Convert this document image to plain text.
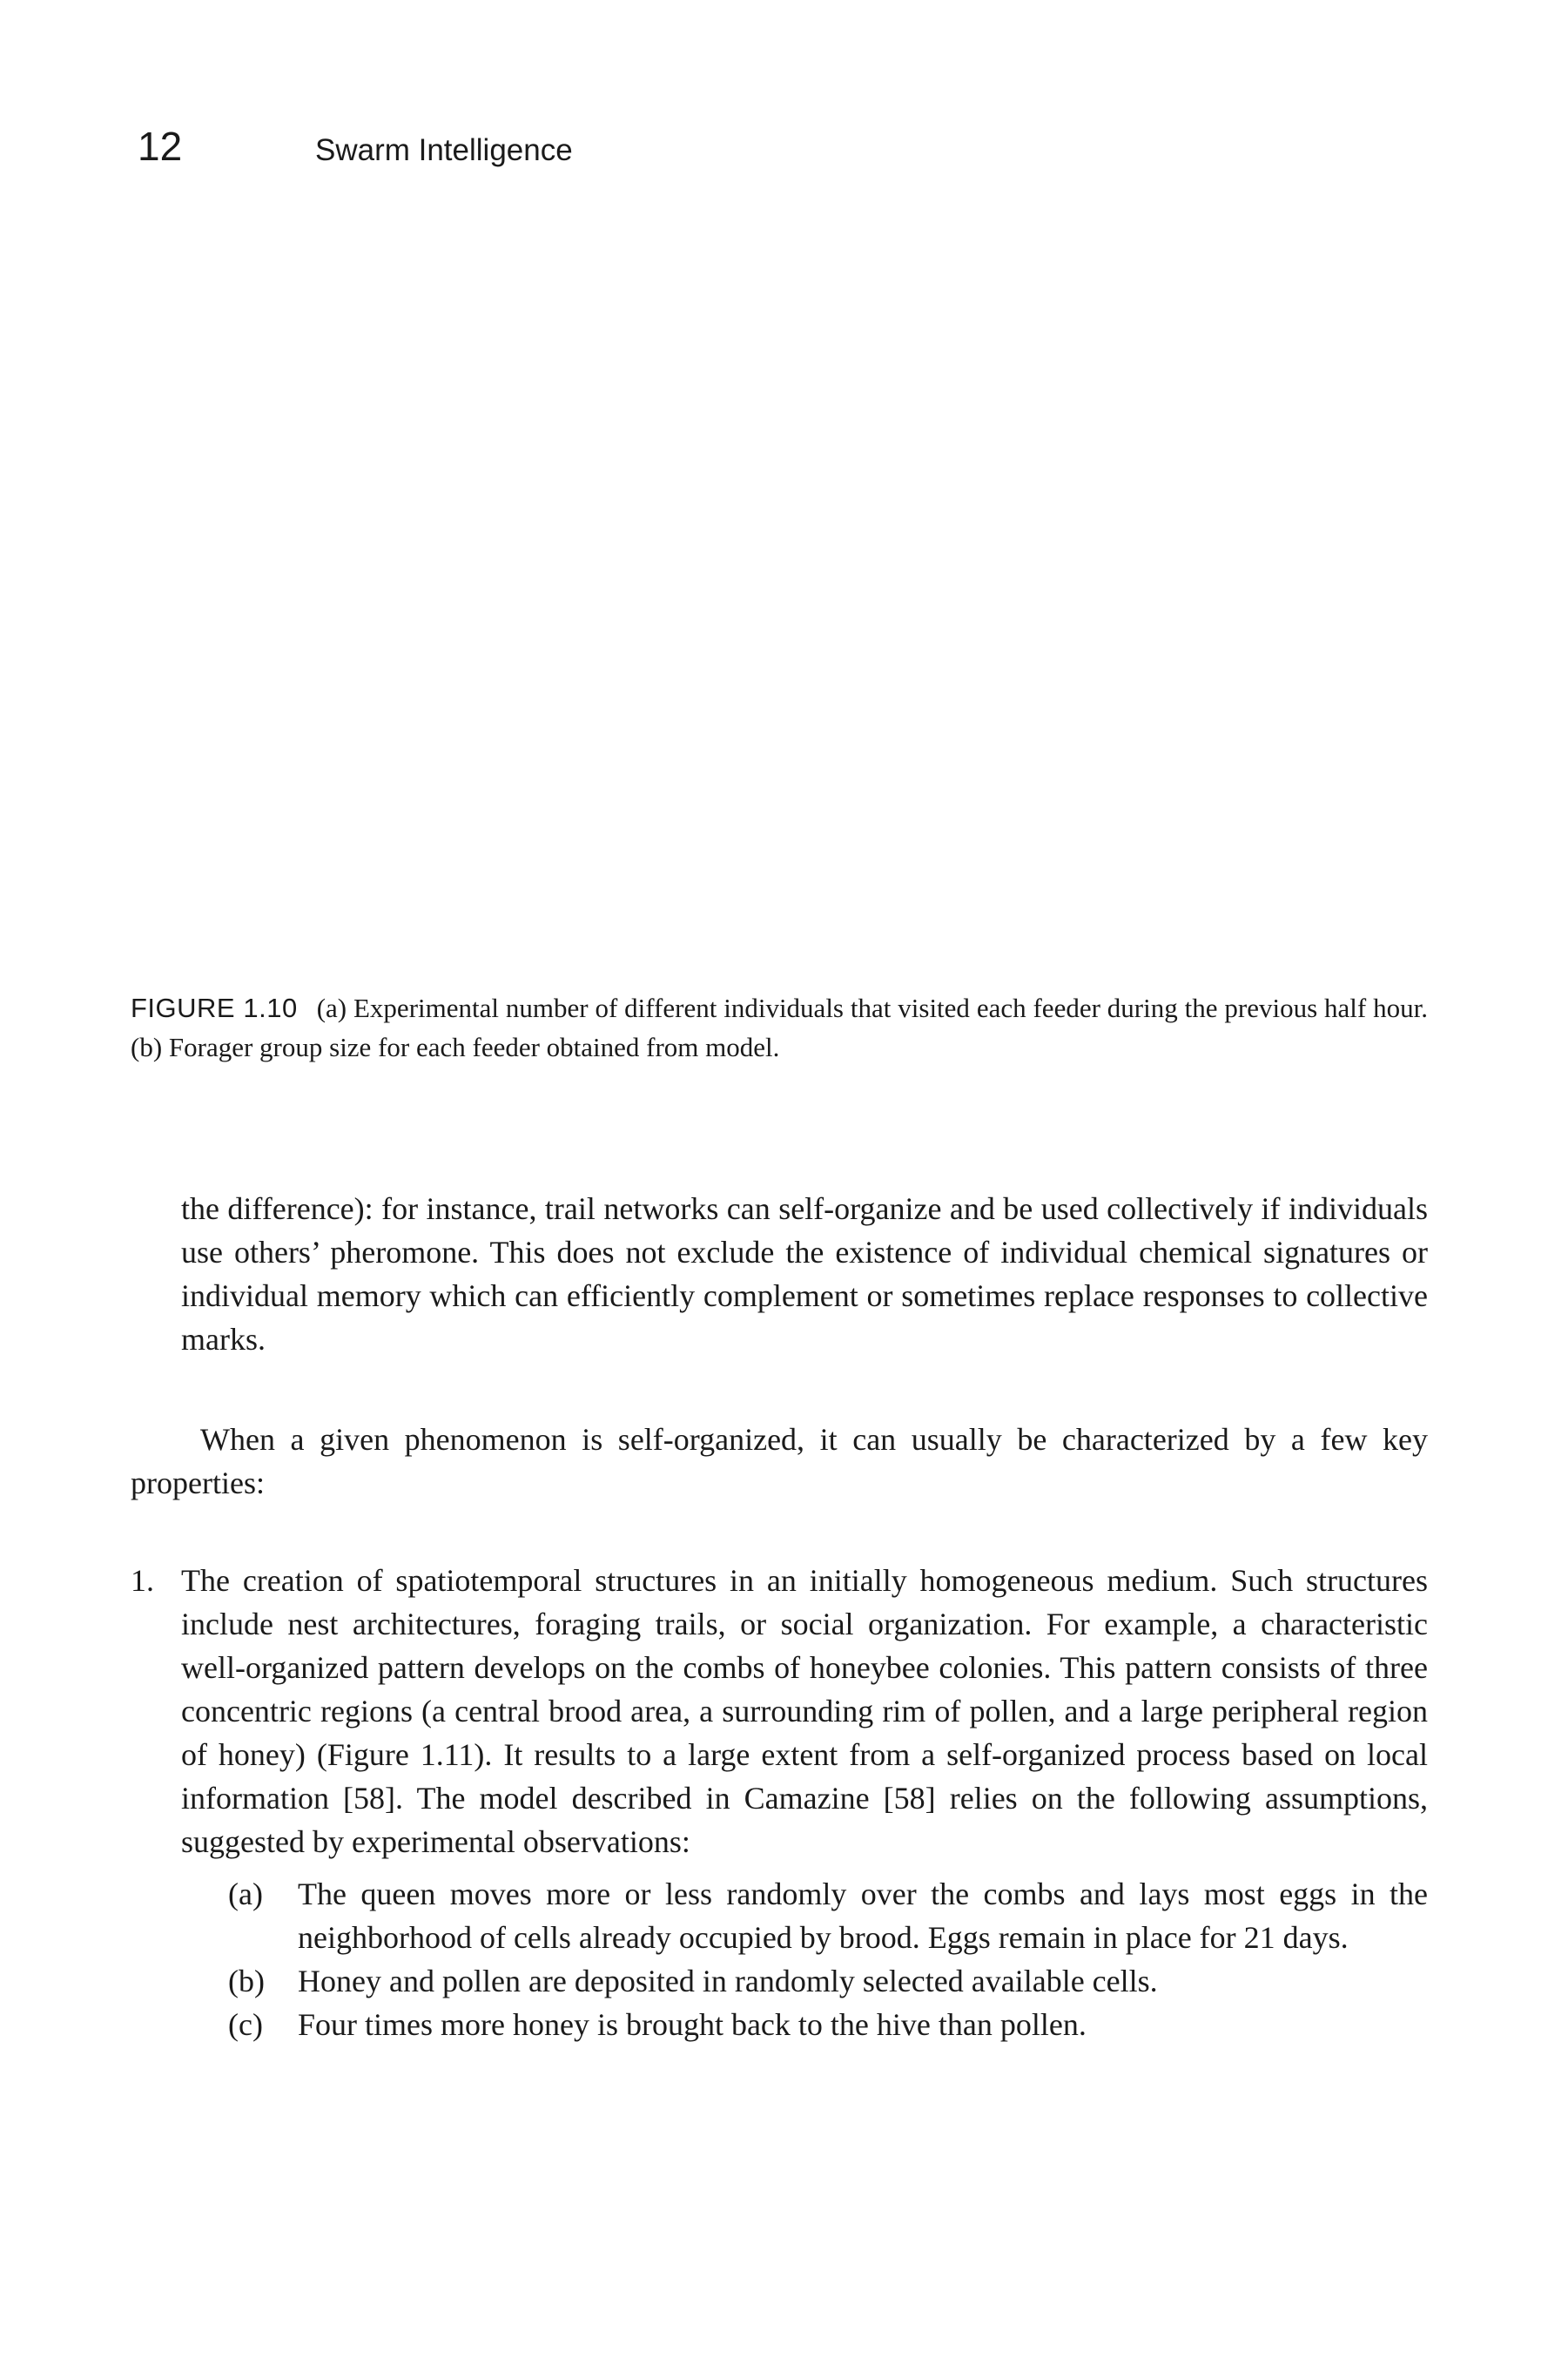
12	Swarm Intelligence
FIGURE 1.10 (a) Experimental number of different individuals that visited each feeder during the previous half hour. (b) Forager group size for each feeder obtained from model.

the difference): for instance, trail networks can self-organize and be used collectively if individuals use others’ pheromone. This does not exclude the existence of individual chemical signatures or individual memory which can efficiently complement or sometimes replace responses to collective marks.

When a given phenomenon is self-organized, it can usually be characterized by a few key properties:

1. The creation of spatiotemporal structures in an initially homogeneous medium. Such structures include nest architectures, foraging trails, or social organization. For example, a characteristic well-organized pattern develops on the combs of honeybee colonies. This pattern consists of three concentric regions (a central brood area, a surrounding rim of pollen, and a large peripheral region of honey) (Figure 1.11). It results to a large extent from a self-organized process based on local information [58]. The model described in Camazine [58] relies on the following assumptions, suggested by experimental observations:
(a) The queen moves more or less randomly over the combs and lays most eggs in the neighborhood of cells already occupied by brood. Eggs remain in place for 21 days.
(b) Honey and pollen are deposited in randomly selected available cells.
(c) Four times more honey is brought back to the hive than pollen.
